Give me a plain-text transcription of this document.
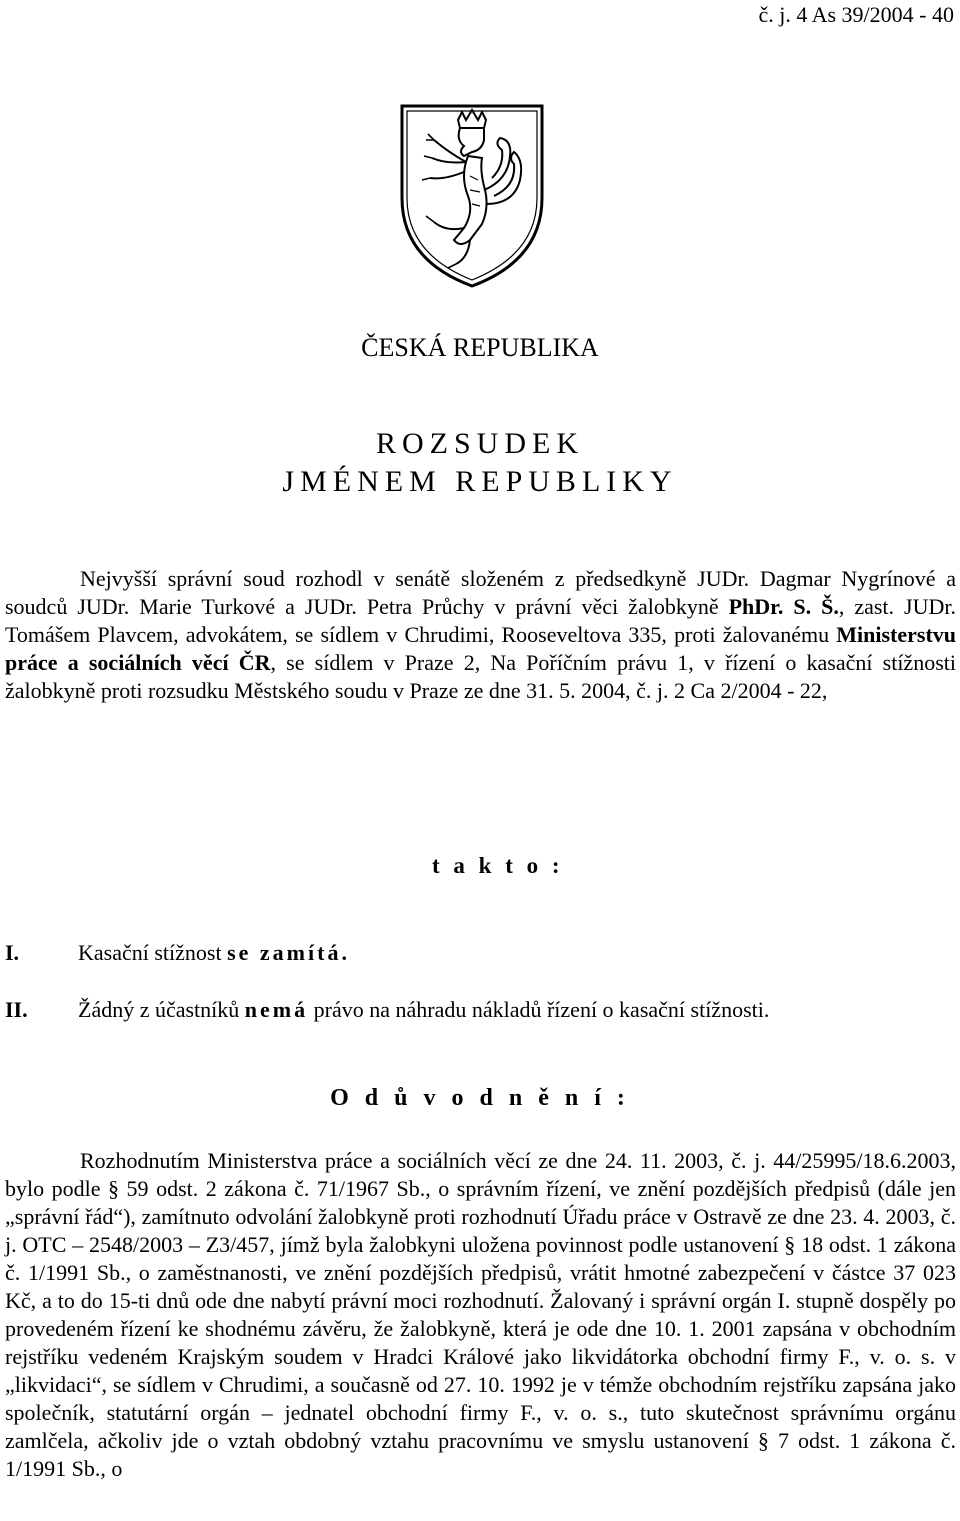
č. j. 4 As 39/2004 - 40
ČESKÁ REPUBLIKA
ROZSUDEK
JMÉNEM REPUBLIKY
Nejvyšší správní soud rozhodl v senátě složeném z předsedkyně JUDr. Dagmar Nygrínové a soudců JUDr. Marie Turkové a JUDr. Petra Průchy v právní věci žalobkyně PhDr. S. Š., zast. JUDr. Tomášem Plavcem, advokátem, se sídlem v Chrudimi, Rooseveltova 335, proti žalovanému Ministerstvu práce a sociálních věcí ČR, se sídlem v Praze 2, Na Poříčním právu 1, v řízení o kasační stížnosti žalobkyně proti rozsudku Městského soudu v Praze ze dne 31. 5. 2004, č. j. 2 Ca 2/2004 - 22,
t a k t o :
I.	Kasační stížnost se zamítá.
II. Žádný z účastníků nemá právo na náhradu nákladů řízení o kasační stížnosti.
O d ů v o d n ě n í :
Rozhodnutím Ministerstva práce a sociálních věcí ze dne 24. 11. 2003, č. j. 44/25995/18.6.2003, bylo podle § 59 odst. 2 zákona č. 71/1967 Sb., o správním řízení, ve znění pozdějších předpisů (dále jen „správní řád“), zamítnuto odvolání žalobkyně proti rozhodnutí Úřadu práce v Ostravě ze dne 23. 4. 2003, č. j. OTC – 2548/2003 – Z3/457, jímž byla žalobkyni uložena povinnost podle ustanovení § 18 odst. 1 zákona č. 1/1991 Sb., o zaměstnanosti, ve znění pozdějších předpisů, vrátit hmotné zabezpečení v částce 37 023 Kč, a to do 15-ti dnů ode dne nabytí právní moci rozhodnutí. Žalovaný i správní orgán I. stupně dospěly po provedeném řízení ke shodnému závěru, že žalobkyně, která je ode dne 10. 1. 2001 zapsána v obchodním rejstříku vedeném Krajským soudem v Hradci Králové jako likvidátorka obchodní firmy F., v. o. s. v „likvidaci“, se sídlem v Chrudimi, a současně od 27. 10. 1992 je v témže obchodním rejstříku zapsána jako společník, statutární orgán – jednatel obchodní firmy F., v. o. s., tuto skutečnost správnímu orgánu zamlčela, ačkoliv jde o vztah obdobný vztahu pracovnímu ve smyslu ustanovení § 7 odst. 1 zákona č. 1/1991 Sb., o
